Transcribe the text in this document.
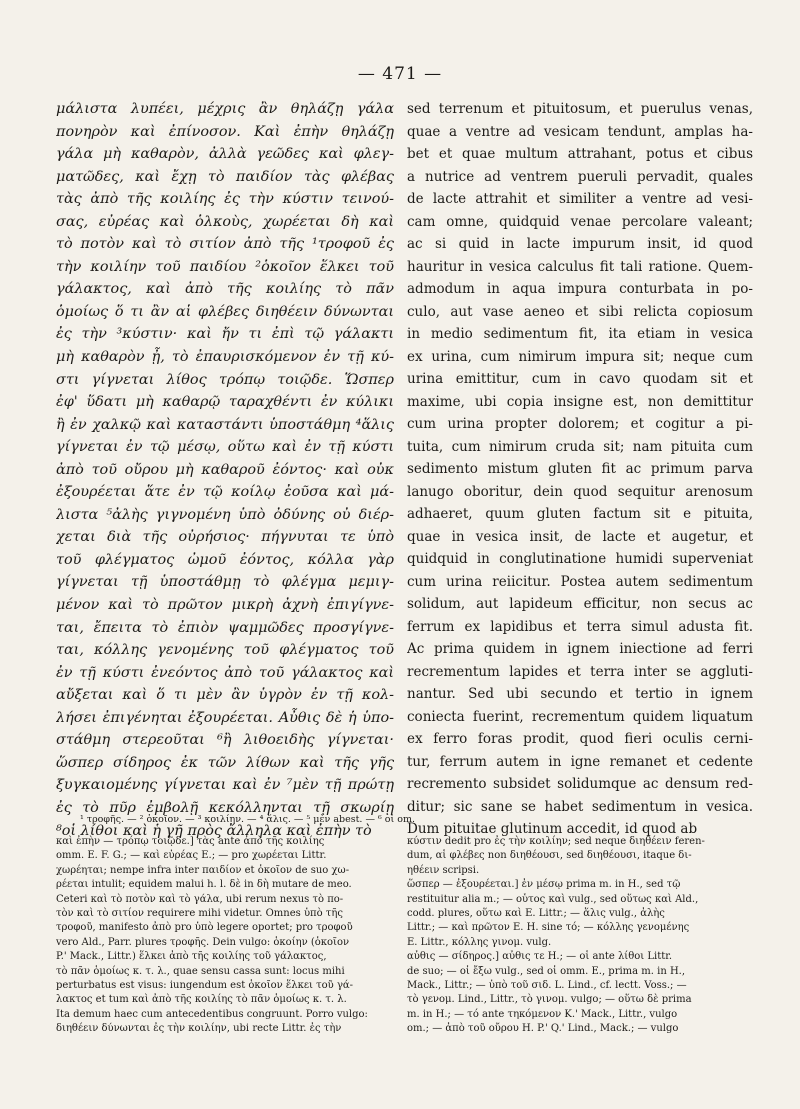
— 471 —
μάλιστα λυπέει, μέχρις ἂν θηλάζῃ γάλα
πονηρὸν καὶ ἐπίνοσον. Καὶ ἐπὴν θηλάζῃ
γάλα μὴ καθαρὸν, ἀλλὰ γεῶδες καὶ φλεγ-
ματῶδες, καὶ ἔχῃ τὸ παιδίον τὰς φλέβας
τὰς ἀπὸ τῆς κοιλίης ἐς τὴν κύστιν τεινού-
σας, εὐρέας καὶ ὁλκοὺς, χωρέεται δὴ καὶ
τὸ ποτὸν καὶ τὸ σιτίον ἀπὸ τῆς ¹τροφοῦ ἐς
τὴν κοιλίην τοῦ παιδίου ²ὁκοῖον ἕλκει τοῦ
γάλακτος, καὶ ἀπὸ τῆς κοιλίης τὸ πᾶν
ὁμοίως ὅ τι ἂν αἱ φλέβες διηθέειν δύνωνται
ἐς τὴν ³κύστιν· καὶ ἤν τι ἐπὶ τῷ γάλακτι
μὴ καθαρὸν ᾖ, τὸ ἐπαυρισκόμενον ἐν τῇ κύ-
στι γίγνεται λίθος τρόπῳ τοιῷδε. Ὥσπερ
ἐφ' ὕδατι μὴ καθαρῷ ταραχθέντι ἐν κύλικι
ἢ ἐν χαλκῷ καὶ καταστάντι ὑποστάθμη ⁴ἅλις
γίγνεται ἐν τῷ μέσῳ, οὕτω καὶ ἐν τῇ κύστι
ἀπὸ τοῦ οὔρου μὴ καθαροῦ ἐόντος· καὶ οὐκ
ἐξουρέεται ἅτε ἐν τῷ κοίλῳ ἐοῦσα καὶ μά-
λιστα ⁵ἀλὴς γιγνομένη ὑπὸ ὀδύνης οὐ διέρ-
χεται διὰ τῆς οὐρήσιος· πήγνυται τε ὑπὸ
τοῦ φλέγματος ὠμοῦ ἐόντος, κόλλα γὰρ
γίγνεται τῇ ὑποστάθμῃ τὸ φλέγμα μεμιγ-
μένον καὶ τὸ πρῶτον μικρὴ ἀχνὴ ἐπιγίγνε-
ται, ἔπειτα τὸ ἐπιὸν ψαμμῶδες προσγίγνε-
ται, κόλλης γενομένης τοῦ φλέγματος τοῦ
ἐν τῇ κύστι ἐνεόντος ἀπὸ τοῦ γάλακτος καὶ
αὔξεται καὶ ὅ τι μὲν ἂν ὑγρὸν ἐν τῇ κολ-
λήσει ἐπιγένηται ἐξουρέεται. Αὖθις δὲ ἡ ὑπο-
στάθμη στερεοῦται ⁶ἢ λιθοειδὴς γίγνεται·
ὥσπερ σίδηρος ἐκ τῶν λίθων καὶ τῆς γῆς
ξυγκαιομένης γίγνεται καὶ ἐν ⁷μὲν τῇ πρώτῃ
ἐς τὸ πῦρ ἐμβολῇ κεκόλληνται τῇ σκωρίῃ
⁸οἱ λίθοι καὶ ἡ γῆ πρὸς ἄλληλα καὶ ἐπὴν τὸ
sed terrenum et pituitosum, et puerulus venas,
quae a ventre ad vesicam tendunt, amplas ha-
bet et quae multum attrahant, potus et cibus
a nutrice ad ventrem pueruli pervadit, quales
de lacte attrahit et similiter a ventre ad vesi-
cam omne, quidquid venae percolare valeant;
ac si quid in lacte impurum insit, id quod
hauritur in vesica calculus fit tali ratione. Quem-
admodum in aqua impura conturbata in po-
culo, aut vase aeneo et sibi relicta copiosum
in medio sedimentum fit, ita etiam in vesica
ex urina, cum nimirum impura sit; neque cum
urina emittitur, cum in cavo quodam sit et
maxime, ubi copia insigne est, non demittitur
cum urina propter dolorem; et cogitur a pi-
tuita, cum nimirum cruda sit; nam pituita cum
sedimento mistum gluten fit ac primum parva
lanugo oboritur, dein quod sequitur arenosum
adhaeret, quum gluten factum sit e pituita,
quae in vesica insit, de lacte et augetur, et
quidquid in conglutinatione humidi superveniat
cum urina reiicitur. Postea autem sedimentum
solidum, aut lapideum efficitur, non secus ac
ferrum ex lapidibus et terra simul adusta fit.
Ac prima quidem in ignem iniectione ad ferri
recrementum lapides et terra inter se aggluti-
nantur. Sed ubi secundo et tertio in ignem
coniecta fuerint, recrementum quidem liquatum
ex ferro foras prodit, quod fieri oculis cerni-
tur, ferrum autem in igne remanet et cedente
recremento subsidet solidumque ac densum red-
ditur; sic sane se habet sedimentum in vesica.
Dum pituitae glutinum accedit, id quod ab
¹ τροφῆς. — ² ὁκοῖον. — ³ κοιλίην. — ⁴ ἅλις. — ⁵ μὲν abest. — ⁶ οἱ om.
καὶ ἐπὴν — τρόπῳ τοιῷδε.] τὰς ante ἀπὸ τῆς κοιλίης
omm. E. F. G.; — καὶ εὐρέας E.; — pro χωρέεται Littr.
χωρέηται; nempe infra inter παιδίον et ὁκοῖον de suo χω-
ρέεται intulit; equidem malui h. l. δὲ in δὴ mutare de meo.
Ceteri καὶ τὸ ποτὸν καὶ τὸ γάλα, ubi rerum nexus τὸ πο-
τὸν καὶ τὸ σιτίον requirere mihi videtur. Omnes ὑπὸ τῆς
τροφοῦ, manifesto ἀπὸ pro ὑπὸ legere oportet; pro τροφοῦ
vero Ald., Parr. plures τροφῆς. Dein vulgo: ὁκοίην (ὁκοῖον
P.' Mack., Littr.) ἕλκει ἀπὸ τῆς κοιλίης τοῦ γάλακτος,
τὸ πᾶν ὁμοίως κ. τ. λ., quae sensu cassa sunt: locus mihi
perturbatus est visus: iungendum est ὁκοῖον ἕλκει τοῦ γά-
λακτος et tum καὶ ἀπὸ τῆς κοιλίης τὸ πᾶν ὁμοίως κ. τ. λ.
Ita demum haec cum antecedentibus congruunt. Porro vulgo:
διηθέειν δύνωνται ἐς τὴν κοιλίην, ubi recte Littr. ἐς τὴν
κύστιν dedit pro ἐς τὴν κοιλίην; sed neque διηθέειν feren-
dum, αἱ φλέβες non διηθέουσι, sed διηθέουσι, itaque δι-
ηθέειν scripsi.
ὥσπερ — ἐξουρέεται.] ἐν μέσῳ prima m. in H., sed τῷ
restituitur alia m.; — οὗτος καὶ vulg., sed οὕτως καὶ Ald.,
codd. plures, οὕτω καὶ E. Littr.; — ἅλις vulg., ἀλὴς
Littr.; — καὶ πρῶτον E. H. sine τό; — κόλλης γενομένης
E. Littr., κόλλης γινομ. vulg.
αὖθις — σίδηρος.] αὖθις τε H.; — οἱ ante λίθοι Littr.
de suo; — οἱ ἔξω vulg., sed οἱ omm. E., prima m. in H.,
Mack., Littr.; — ὑπὸ τοῦ σιδ. L. Lind., cf. lectt. Voss.; —
τὸ γενομ. Lind., Littr., τὸ γινομ. vulgo; — οὕτω δὲ prima
m. in H.; — τό ante τηκόμενον K.' Mack., Littr., vulgo
om.; — ἀπὸ τοῦ οὔρου H. P.' Q.' Lind., Mack.; — vulgo
